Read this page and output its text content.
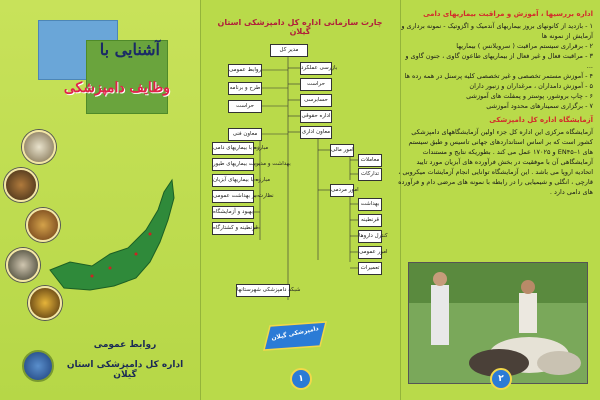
آشنایی با
وظایف دامپزشکی
روابط عمومی
اداره کل دامپزشکی استان گیلان
چارت سازمانی اداره کل دامپزشکی استان گیلان
مدیر کل
روابط عمومی
طرح و برنامه
حراست
معاون فنی
بازرسی عملکرد
حراست
حسابرسی
اداره حقوقی
معاون اداری
امور مالی
معاملات
تدارکات
امور مردمی
بهداشت
قرنطینه
کنترل داروها
امور عمومی
تعمیرات
مبارزه با بیماریهای دامی
بهداشت و مدیریت بیماریهای طیور
مبارزه با بیماریهای آبزیان
نظارت بر بهداشت عمومی
بهبود و آزمایشگاه
قرنطینه و کشتارگاه
شبکه دامپزشکی شهرستانها
دامپزشکی گیلان
۱
اداره بررسیها ، آموزش و مراقبت بیماریهای دامی
۱ - بازدید از کانونهای بروز بیماریهای آندمیک و اگزوتیک - نمونه برداری و آزمایش از نمونه ها
۲ - برقراری سیستم مراقبت ( سرویلانس ) بیماریها
۳ - مراقبت فعال و غیر فعال از بیماریهای طاعون گاوی ، جنون گاوی و ...
۴ - آموزش مستمر تخصصی و غیر تخصصی کلیه پرسنل در همه رده ها
۵ - آموزش دامداران ، مرغداران و زنبور داران
۶ - چاپ بروشور، پوستر و پمفلت های آموزشی
۷ - برگزاری سمینارهای محدود آموزشی
آزمایشگاه اداره کل دامپزشکی
آزمایشگاه مرکزی این اداره کل جزء اولین آزمایشگاههای دامپزشکی کشور است که بر اساس استانداردهای جهانی تاسیس و طبق سیستم های ۱–EN۴۵ و ۱۷۰۲۵ عمل می کند . بطوریکه نتایج و مستندات آزمایشگاهی آن با موفقیت در بخش فرآورده های آبزیان مورد تایید اتحادیه اروپا می باشد . این آزمایشگاه توانایی انجام آزمایشات میکروبی ، قارچی ، انگلی و شیمیایی را در رابطه با نمونه های مرضی دام و فرآورده های دامی دارد .
۲
